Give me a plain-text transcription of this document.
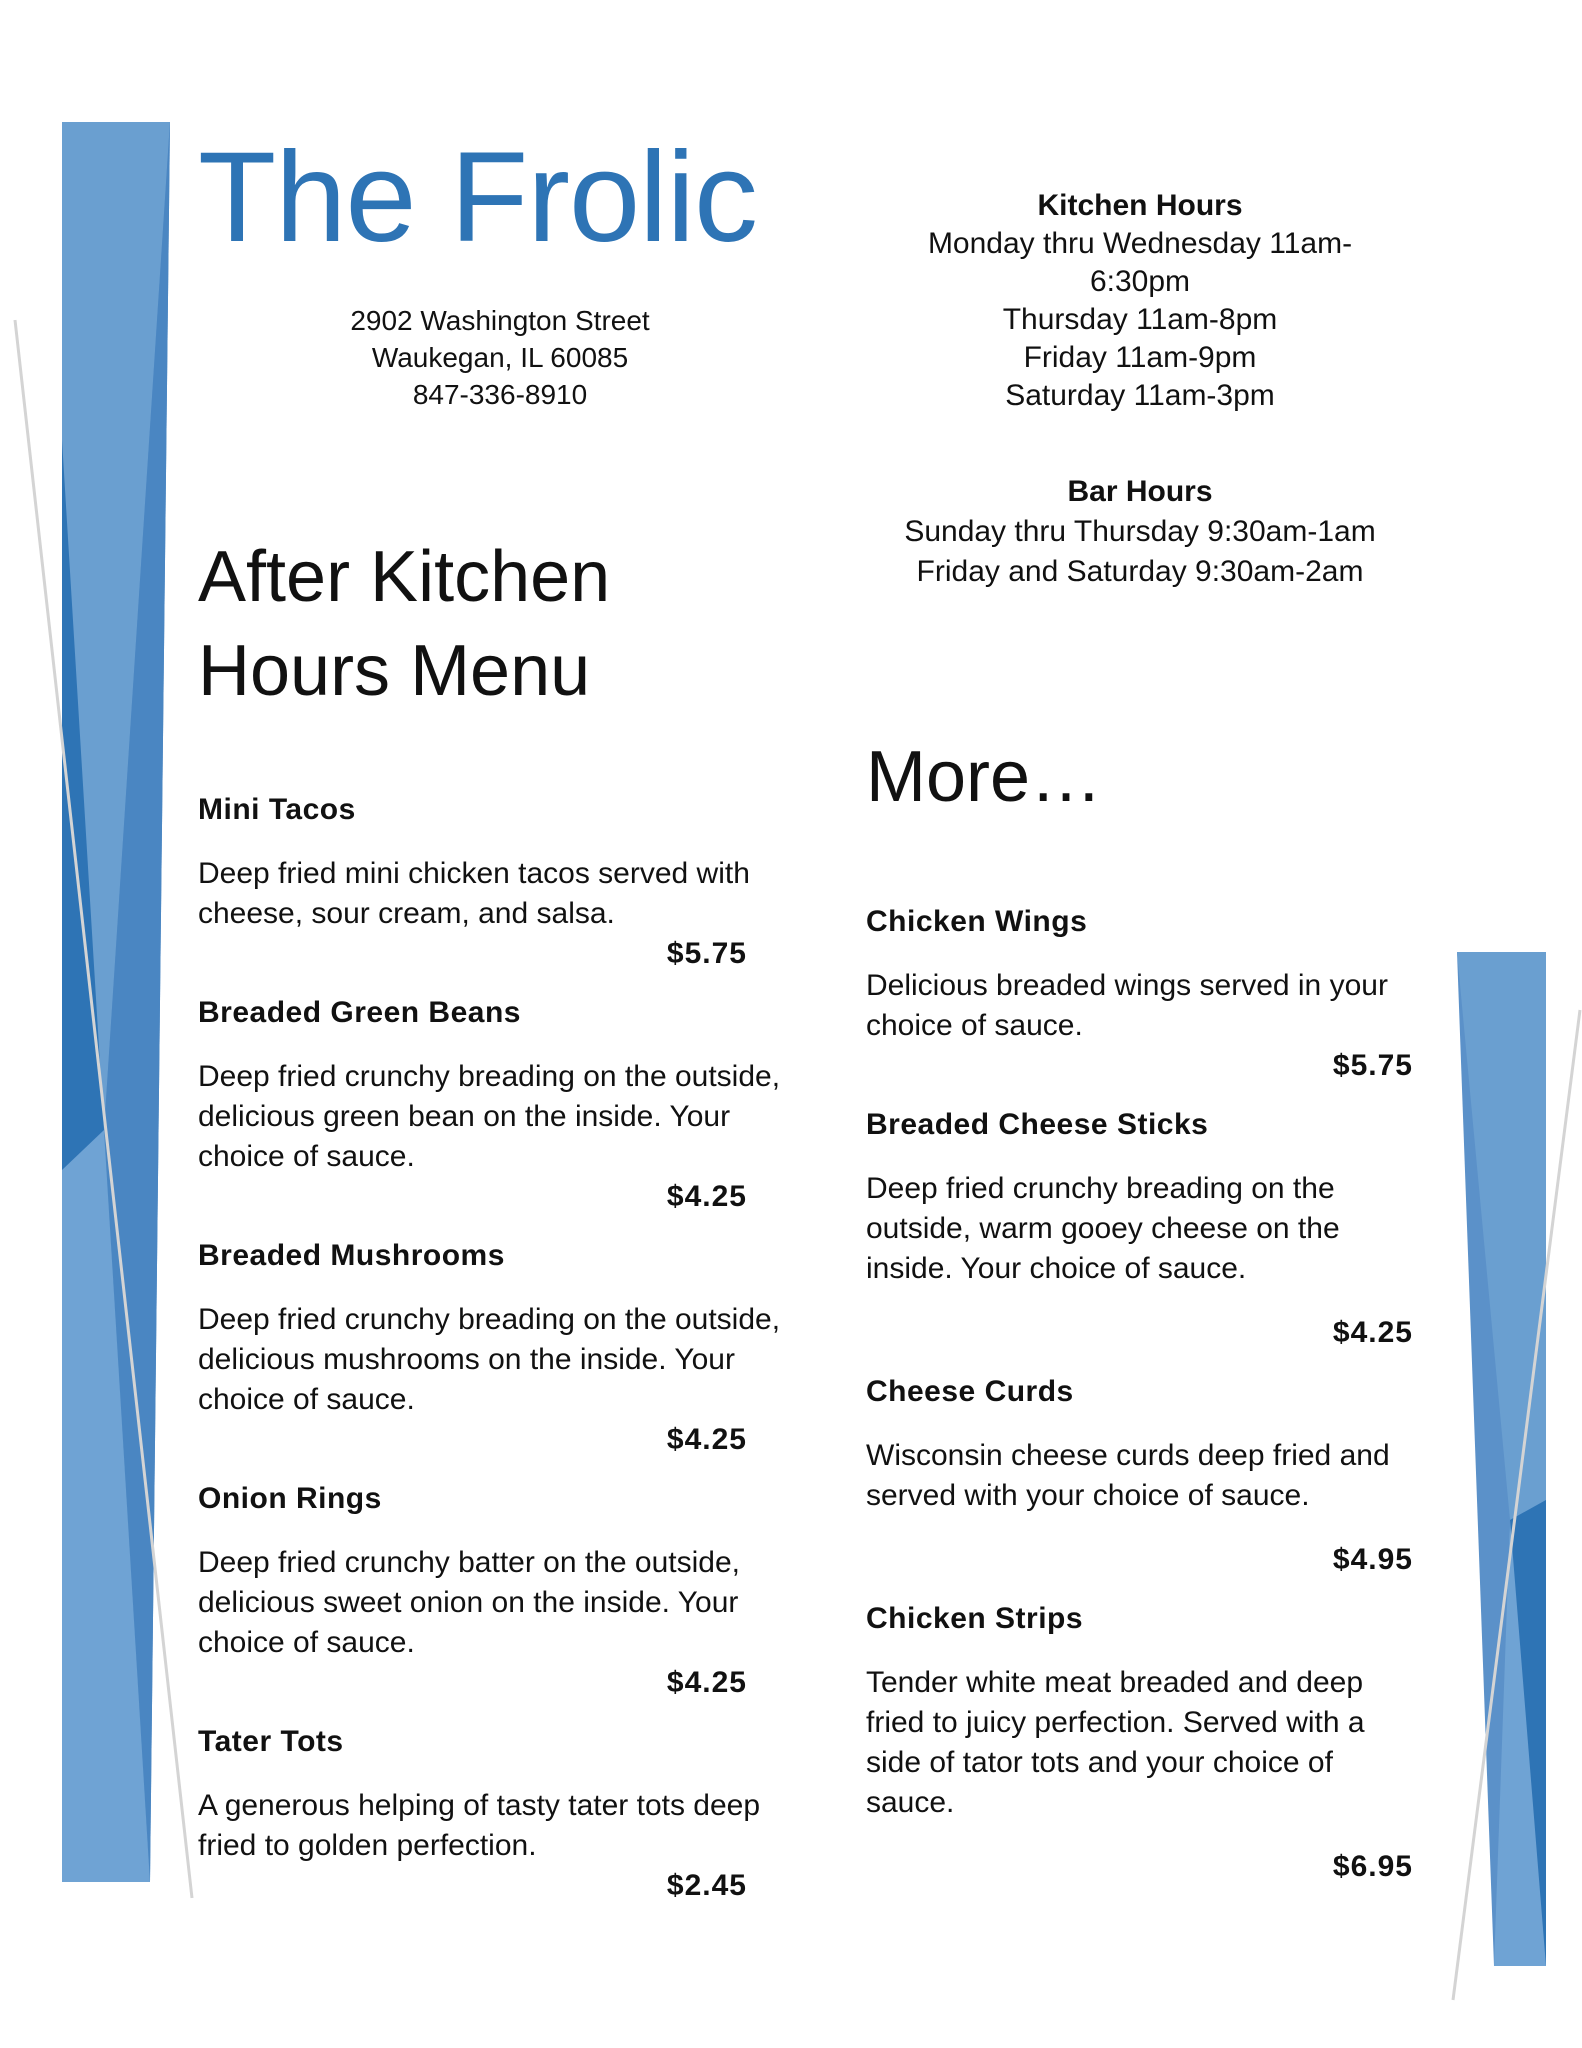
The Frolic
2902 Washington Street
Waukegan, IL 60085
847-336-8910
Kitchen Hours
Monday thru Wednesday 11am-
6:30pm
Thursday 11am-8pm
Friday 11am-9pm
Saturday 11am-3pm
Bar Hours
Sunday thru Thursday 9:30am-1am
Friday and Saturday 9:30am-2am
After Kitchen
Hours Menu
More…
Mini Tacos
Deep fried mini chicken tacos served with
cheese, sour cream, and salsa.
$5.75
Breaded Green Beans
Deep fried crunchy breading on the outside,
delicious green bean on the inside. Your
choice of sauce.
$4.25
Breaded Mushrooms
Deep fried crunchy breading on the outside,
delicious mushrooms on the inside. Your
choice of sauce.
$4.25
Onion Rings
Deep fried crunchy batter on the outside,
delicious sweet onion on the inside. Your
choice of sauce.
$4.25
Tater Tots
A generous helping of tasty tater tots deep
fried to golden perfection.
$2.45
Chicken Wings
Delicious breaded wings served in your
choice of sauce.
$5.75
Breaded Cheese Sticks
Deep fried crunchy breading on the
outside, warm gooey cheese on the
inside. Your choice of sauce.
$4.25
Cheese Curds
Wisconsin cheese curds deep fried and
served with your choice of sauce.
$4.95
Chicken Strips
Tender white meat breaded and deep
fried to juicy perfection. Served with a
side of tator tots and your choice of
sauce.
$6.95
